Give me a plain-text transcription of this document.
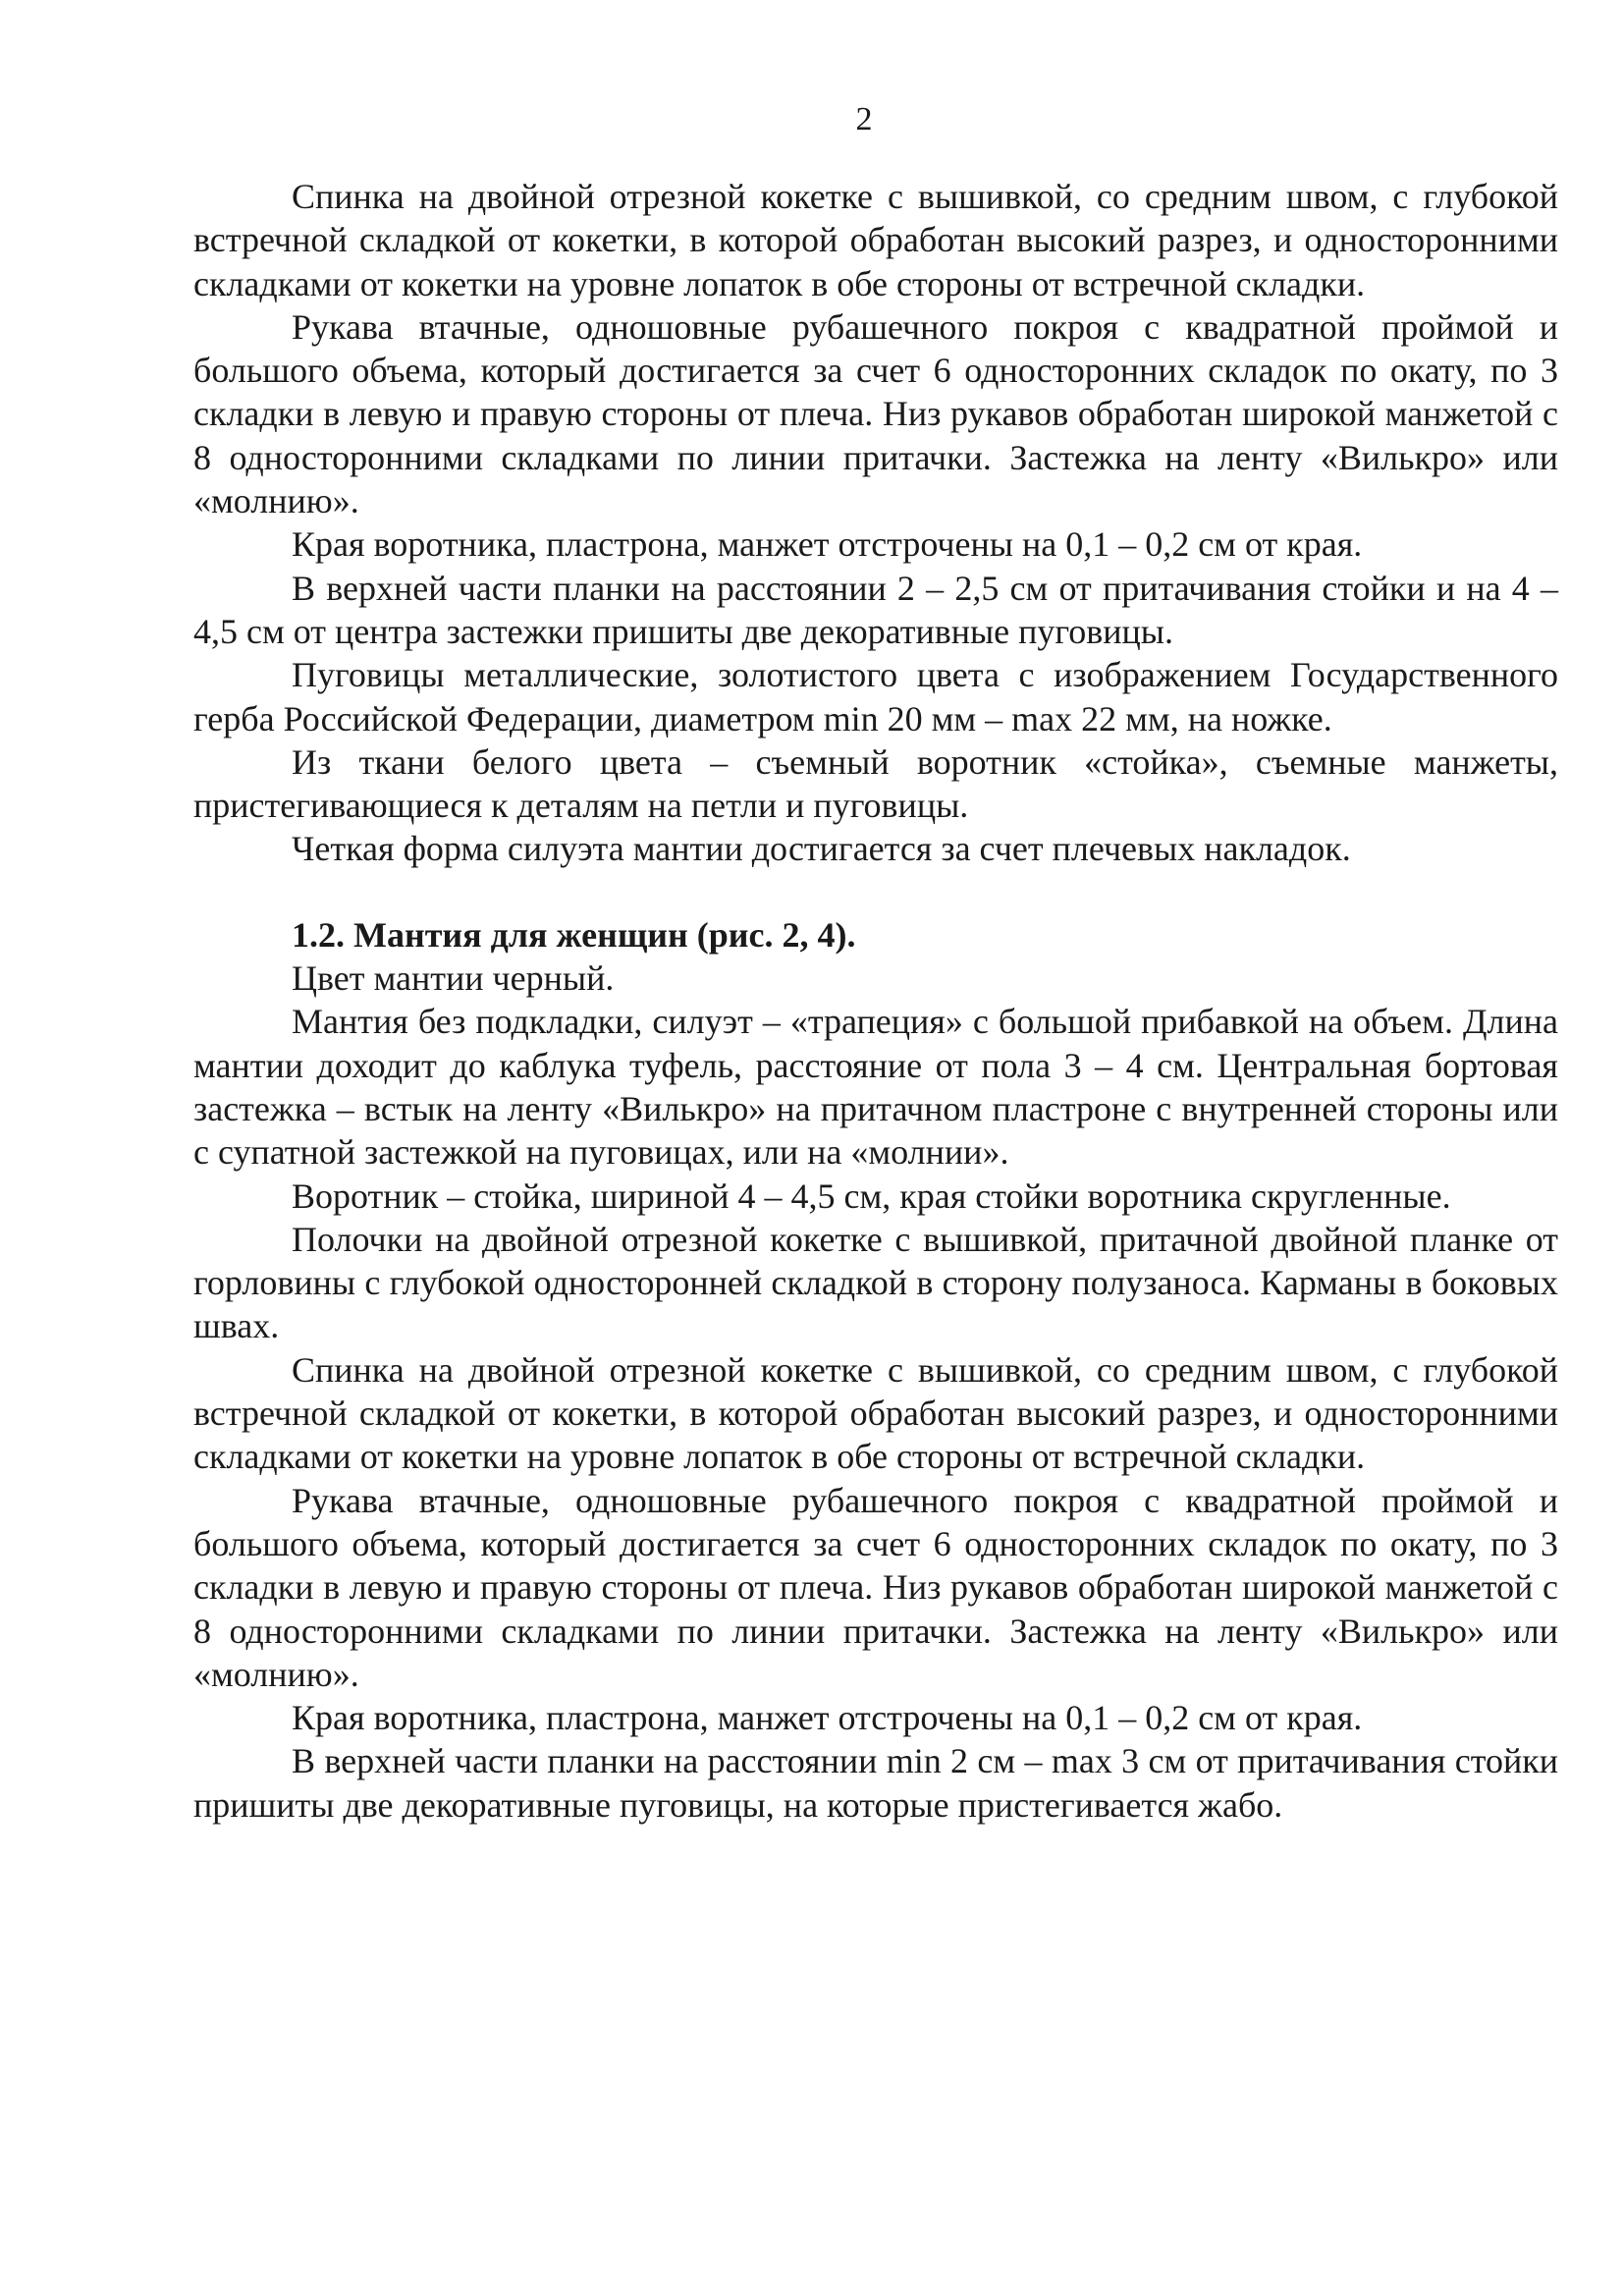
2

Спинка на двойной отрезной кокетке с вышивкой, со средним швом, с глубокой встречной складкой от кокетки, в которой обработан высокий разрез, и односторонними складками от кокетки на уровне лопаток в обе стороны от встречной складки.

Рукава втачные, одношовные рубашечного покроя с квадратной проймой и большого объема, который достигается за счет 6 односторонних складок по окату, по 3 складки в левую и правую стороны от плеча. Низ рукавов обработан широкой манжетой с 8 односторонними складками по линии притачки. Застежка на ленту «Вилькро» или «молнию».

Края воротника, пластрона, манжет отстрочены на 0,1 – 0,2 см от края.

В верхней части планки на расстоянии 2 – 2,5 см от притачивания стойки и на 4 – 4,5 см от центра застежки пришиты две декоративные пуговицы.

Пуговицы металлические, золотистого цвета с изображением Государственного герба Российской Федерации, диаметром min 20 мм – max 22 мм, на ножке.

Из ткани белого цвета – съемный воротник «стойка», съемные манжеты, пристегивающиеся к деталям на петли и пуговицы.

Четкая форма силуэта мантии достигается за счет плечевых накладок.

1.2. Мантия для женщин (рис. 2, 4).

Цвет мантии черный.

Мантия без подкладки, силуэт – «трапеция» с большой прибавкой на объем. Длина мантии доходит до каблука туфель, расстояние от пола 3 – 4 см. Центральная бортовая застежка – встык на ленту «Вилькро» на притачном пластроне с внутренней стороны или с супатной застежкой на пуговицах, или на «молнии».

Воротник – стойка, шириной 4 – 4,5 см, края стойки воротника скругленные.

Полочки на двойной отрезной кокетке с вышивкой, притачной двойной планке от горловины с глубокой односторонней складкой в сторону полузаноса. Карманы в боковых швах.

Спинка на двойной отрезной кокетке с вышивкой, со средним швом, с глубокой встречной складкой от кокетки, в которой обработан высокий разрез, и односторонними складками от кокетки на уровне лопаток в обе стороны от встречной складки.

Рукава втачные, одношовные рубашечного покроя с квадратной проймой и большого объема, который достигается за счет 6 односторонних складок по окату, по 3 складки в левую и правую стороны от плеча. Низ рукавов обработан широкой манжетой с 8 односторонними складками по линии притачки. Застежка на ленту «Вилькро» или «молнию».

Края воротника, пластрона, манжет отстрочены на 0,1 – 0,2 см от края.

В верхней части планки на расстоянии min 2 см – max 3 см от притачивания стойки пришиты две декоративные пуговицы, на которые пристегивается жабо.
